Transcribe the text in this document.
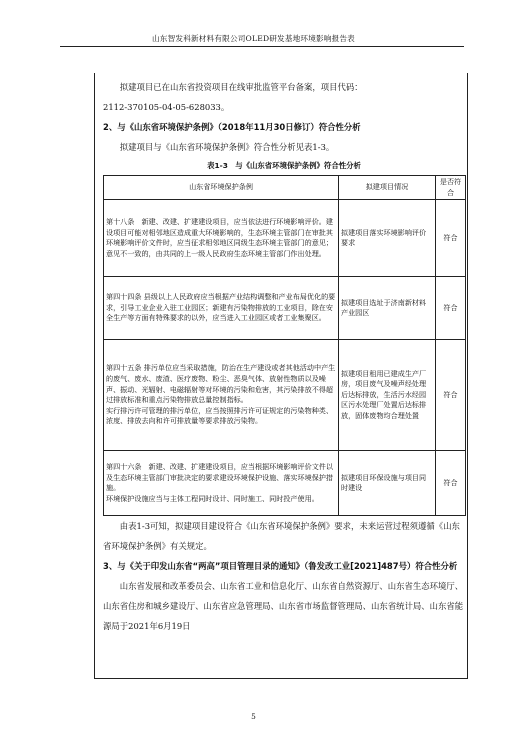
山东智发科新材料有限公司OLED研发基地环境影响报告表

拟建项目已在山东省投资项目在线审批监管平台备案，项目代码：

2112-370105-04-05-628033。

2、与《山东省环境保护条例》（2018年11月30日修订）符合性分析

拟建项目与《山东省环境保护条例》符合性分析见表1-3。

表1-3　与《山东省环境保护条例》符合性分析

山东省环境保护条例	拟建项目情况	是否符合
第十八条　新建、改建、扩建建设项目，应当依法进行环境影响评价。建设项目可能对相邻地区造成重大环境影响的，生态环境主管部门在审批其环境影响评价文件时，应当征求相邻地区同级生态环境主管部门的意见；意见不一致的，由共同的上一级人民政府生态环境主管部门作出处理。	拟建项目落实环境影响评价要求	符合
第四十四条 县级以上人民政府应当根据产业结构调整和产业布局优化的要求，引导工业企业入驻工业园区；新建有污染物排放的工业项目，除在安全生产等方面有特殊要求的以外，应当进入工业园区或者工业集聚区。	拟建项目选址于济南新材料产业园区	符合

第四十五条 排污单位应当采取措施，防治在生产建设或者其他活动中产生的废气、废水、废渣、医疗废物、粉尘、恶臭气体、放射性物质以及噪声、振动、光辐射、电磁辐射等对环境的污染和危害，其污染排放不得超过排放标准和重点污染物排放总量控制指标。
实行排污许可管理的排污单位，应当按照排污许可证规定的污染物种类、浓度、排放去向和许可排放量等要求排放污染物。	拟建项目租用已建成生产厂房，项目废气及噪声经处理后达标排放，生活污水经园区污水处理厂处置后达标排放，固体废物均合理处置	符合

第四十六条　新建、改建、扩建建设项目，应当根据环境影响评价文件以及生态环境主管部门审批决定的要求建设环境保护设施、落实环境保护措施。
环境保护设施应当与主体工程同时设计、同时施工、同时投产使用。	拟建项目环保设施与项目同时建设	符合

由表1-3可知，拟建项目建设符合《山东省环境保护条例》要求，未来运营过程须遵循《山东省环境保护条例》有关规定。

3、与《关于印发山东省“两高”项目管理目录的通知》（鲁发改工业[2021]487号）符合性分析

山东省发展和改革委员会、山东省工业和信息化厅、山东省自然资源厅、山东省生态环境厅、山东省住房和城乡建设厅、山东省应急管理局、山东省市场监督管理局、山东省统计局、山东省能源局于2021年6月19日

5
